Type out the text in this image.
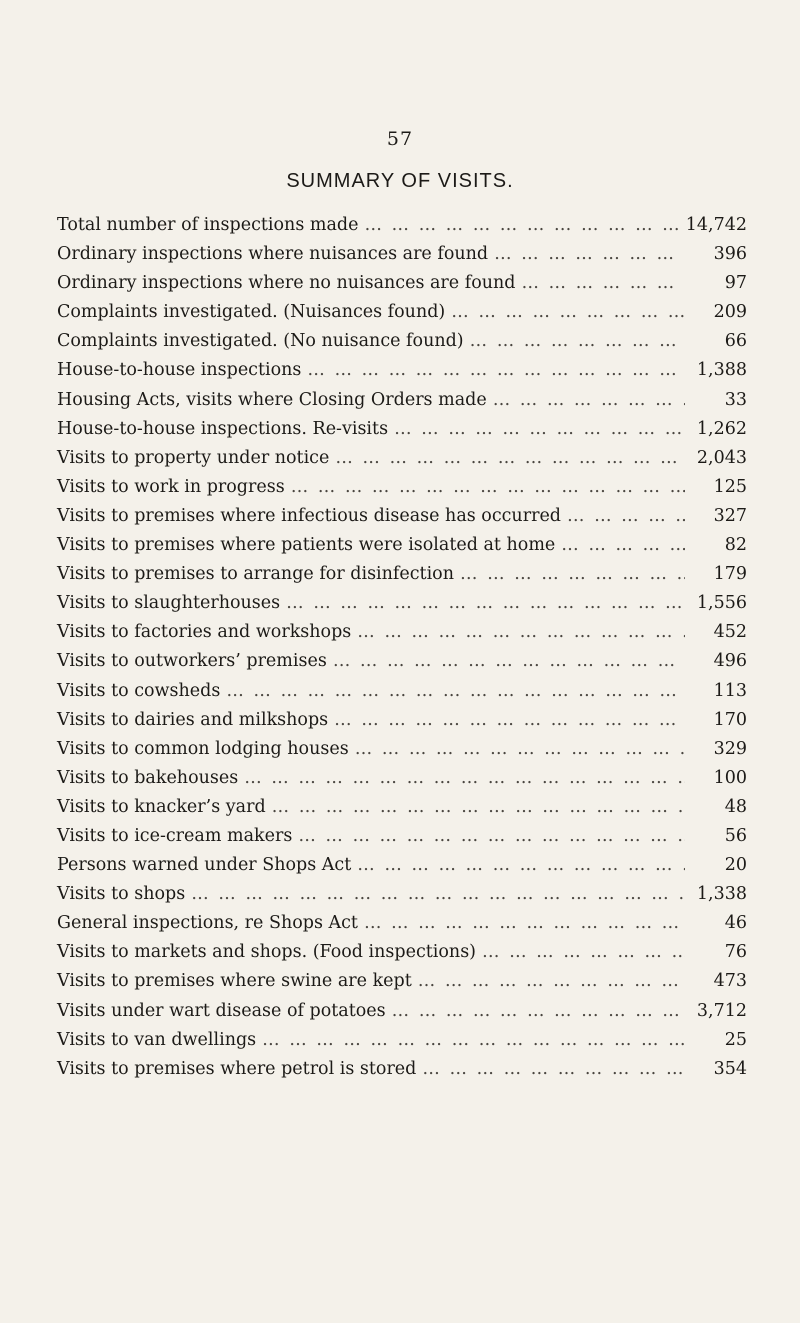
57
SUMMARY OF VISITS.
Total number of inspections made … … … … … … … … … … … … … … … … … … … … … … … … … … … …	14,742
Ordinary inspections where nuisances are found … … … … … … … … … … … … … … … … … … … … … … … … … … … …	396
Ordinary inspections where no nuisances are found … … … … … … … … … … … … … … … … … … … … … … … … … … … …	97
Complaints investigated. (Nuisances found) … … … … … … … … … … … … … … … … … … … … … … … … … … … …	209
Complaints investigated. (No nuisance found) … … … … … … … … … … … … … … … … … … … … … … … … … … … …	66
House-to-house inspections … … … … … … … … … … … … … … … … … … … … … … … … … … … …	1,388
Housing Acts, visits where Closing Orders made … … … … … … … … … … … … … … … … … … … … … … … … … … … …	33
House-to-house inspections. Re-visits … … … … … … … … … … … … … … … … … … … … … … … … … … … …	1,262
Visits to property under notice … … … … … … … … … … … … … … … … … … … … … … … … … … … …	2,043
Visits to work in progress … … … … … … … … … … … … … … … … … … … … … … … … … … … …	125
Visits to premises where infectious disease has occurred … … … … … … … … … … … … … … … … … … … … … … … … … … … …	327
Visits to premises where patients were isolated at home … … … … … … … … … … … … … … … … … … … … … … … … … … … …	82
Visits to premises to arrange for disinfection … … … … … … … … … … … … … … … … … … … … … … … … … … … …	179
Visits to slaughterhouses … … … … … … … … … … … … … … … … … … … … … … … … … … … …	1,556
Visits to factories and workshops … … … … … … … … … … … … … … … … … … … … … … … … … … … …	452
Visits to outworkers’ premises … … … … … … … … … … … … … … … … … … … … … … … … … … … …	496
Visits to cowsheds … … … … … … … … … … … … … … … … … … … … … … … … … … … …	113
Visits to dairies and milkshops … … … … … … … … … … … … … … … … … … … … … … … … … … … …	170
Visits to common lodging houses … … … … … … … … … … … … … … … … … … … … … … … … … … … …	329
Visits to bakehouses … … … … … … … … … … … … … … … … … … … … … … … … … … … …	100
Visits to knacker’s yard … … … … … … … … … … … … … … … … … … … … … … … … … … … …	48
Visits to ice-cream makers … … … … … … … … … … … … … … … … … … … … … … … … … … … …	56
Persons warned under Shops Act … … … … … … … … … … … … … … … … … … … … … … … … … … … …	20
Visits to shops … … … … … … … … … … … … … … … … … … … … … … … … … … … …	1,338
General inspections, re Shops Act … … … … … … … … … … … … … … … … … … … … … … … … … … … …	46
Visits to markets and shops. (Food inspections) … … … … … … … … … … … … … … … … … … … … … … … … … … … …	76
Visits to premises where swine are kept … … … … … … … … … … … … … … … … … … … … … … … … … … … …	473
Visits under wart disease of potatoes … … … … … … … … … … … … … … … … … … … … … … … … … … … …	3,712
Visits to van dwellings … … … … … … … … … … … … … … … … … … … … … … … … … … … …	25
Visits to premises where petrol is stored … … … … … … … … … … … … … … … … … … … … … … … … … … … …	354
